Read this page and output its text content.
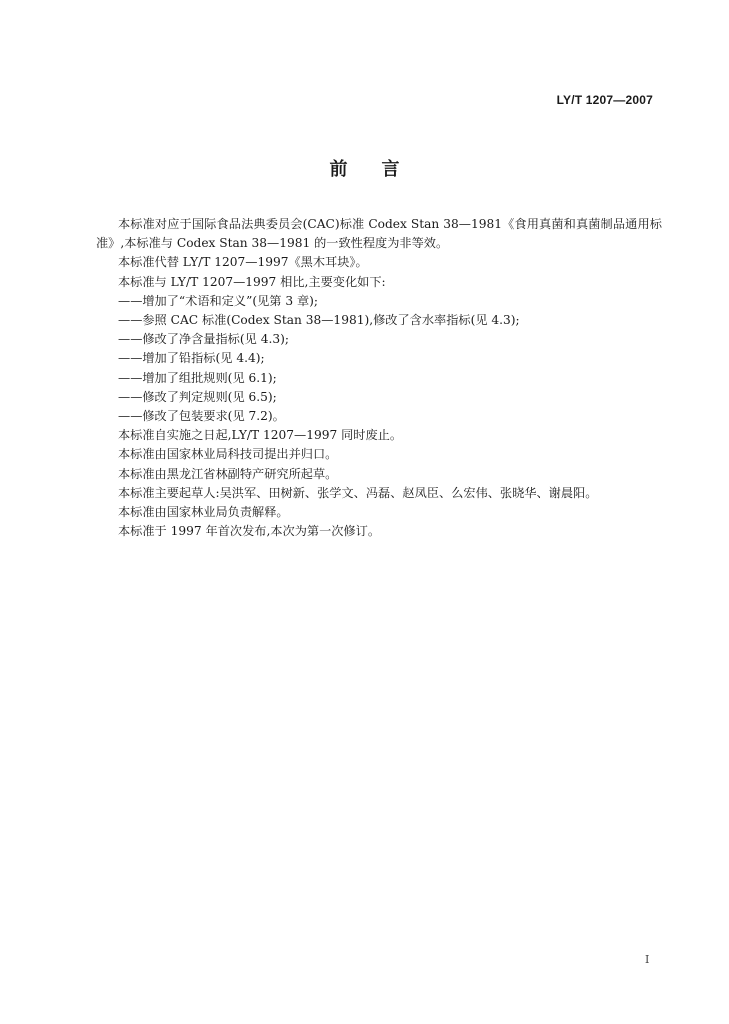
LY/T 1207—2007
前言

本标准对应于国际食品法典委员会(CAC)标准 Codex Stan 38—1981《食用真菌和真菌制品通用标准》,本标准与 Codex Stan 38—1981 的一致性程度为非等效。

本标准代替 LY/T 1207—1997《黑木耳块》。

本标准与 LY/T 1207—1997 相比,主要变化如下:

——增加了“术语和定义”(见第 3 章);

——参照 CAC 标准(Codex Stan 38—1981),修改了含水率指标(见 4.3);

——修改了净含量指标(见 4.3);

——增加了铅指标(见 4.4);

——增加了组批规则(见 6.1);

——修改了判定规则(见 6.5);

——修改了包装要求(见 7.2)。

本标准自实施之日起,LY/T 1207—1997 同时废止。

本标准由国家林业局科技司提出并归口。

本标准由黑龙江省林副特产研究所起草。

本标准主要起草人:吴洪军、田树新、张学文、冯磊、赵凤臣、么宏伟、张晓华、谢晨阳。

本标准由国家林业局负责解释。

本标准于 1997 年首次发布,本次为第一次修订。

I
